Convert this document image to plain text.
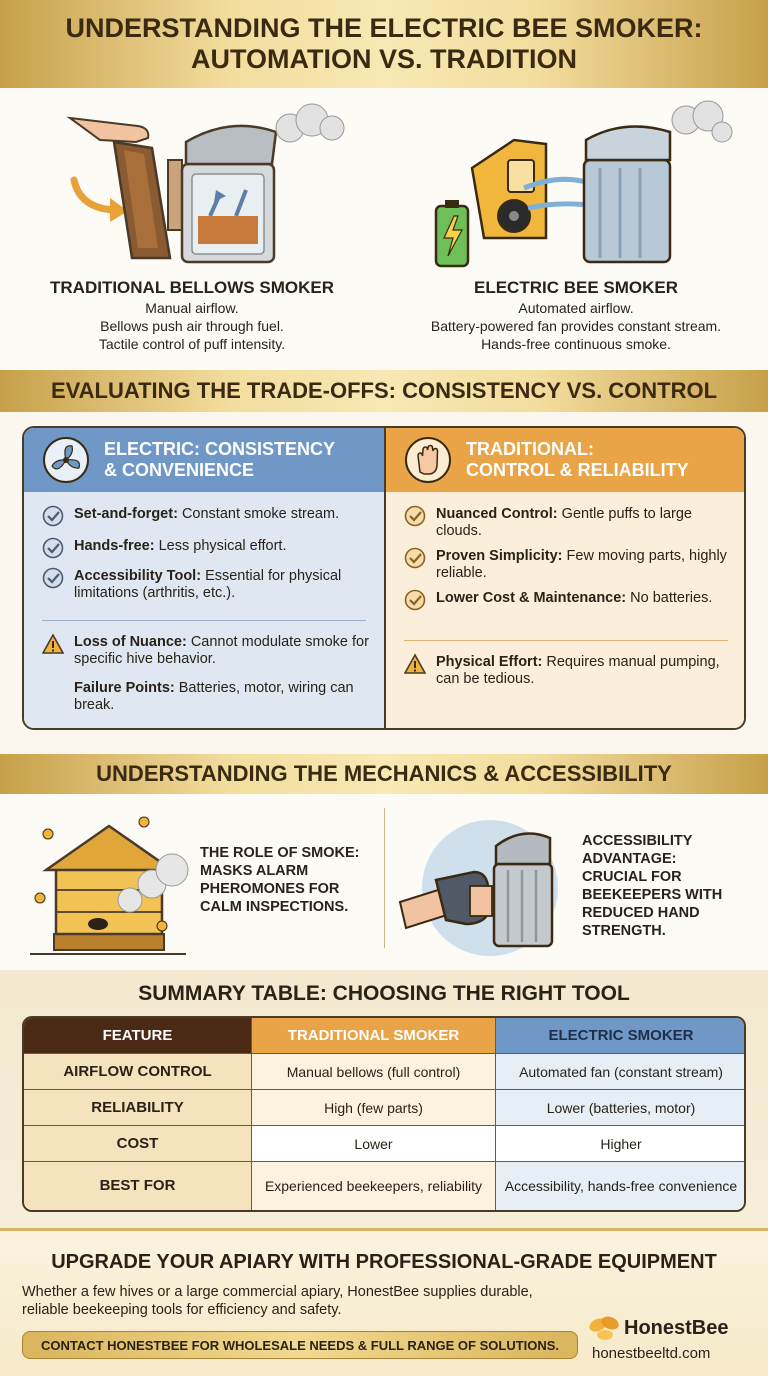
UNDERSTANDING THE ELECTRIC BEE SMOKER:
AUTOMATION VS. TRADITION
TRADITIONAL BELLOWS SMOKER
Manual airflow.
Bellows push air through fuel.
Tactile control of puff intensity.
ELECTRIC BEE SMOKER
Automated airflow.
Battery-powered fan provides constant stream.
Hands-free continuous smoke.
EVALUATING THE TRADE-OFFS: CONSISTENCY VS. CONTROL
ELECTRIC: CONSISTENCY
& CONVENIENCE
Set-and-forget: Constant smoke stream.
Hands-free: Less physical effort.
Accessibility Tool: Essential for physical limitations (arthritis, etc.).
Loss of Nuance: Cannot modulate smoke for specific hive behavior.
Failure Points: Batteries, motor, wiring can break.
TRADITIONAL:
CONTROL & RELIABILITY
Nuanced Control: Gentle puffs to large clouds.
Proven Simplicity: Few moving parts, highly reliable.
Lower Cost & Maintenance: No batteries.
Physical Effort: Requires manual pumping, can be tedious.
UNDERSTANDING THE MECHANICS & ACCESSIBILITY
THE ROLE OF SMOKE:
MASKS ALARM
PHEROMONES FOR
CALM INSPECTIONS.
ACCESSIBILITY
ADVANTAGE:
CRUCIAL FOR
BEEKEEPERS WITH
REDUCED HAND
STRENGTH.
SUMMARY TABLE: CHOOSING THE RIGHT TOOL
FEATURE	TRADITIONAL SMOKER	ELECTRIC SMOKER
AIRFLOW CONTROL	Manual bellows (full control)	Automated fan (constant stream)
RELIABILITY	High (few parts)	Lower (batteries, motor)
COST	Lower	Higher
BEST FOR	Experienced beekeepers, reliability	Accessibility, hands-free convenience
UPGRADE YOUR APIARY WITH PROFESSIONAL-GRADE EQUIPMENT
Whether a few hives or a large commercial apiary, HonestBee supplies durable, reliable beekeeping tools for efficiency and safety.
CONTACT HONESTBEE FOR WHOLESALE NEEDS & FULL RANGE OF SOLUTIONS.
HonestBee
honestbeeltd.com
